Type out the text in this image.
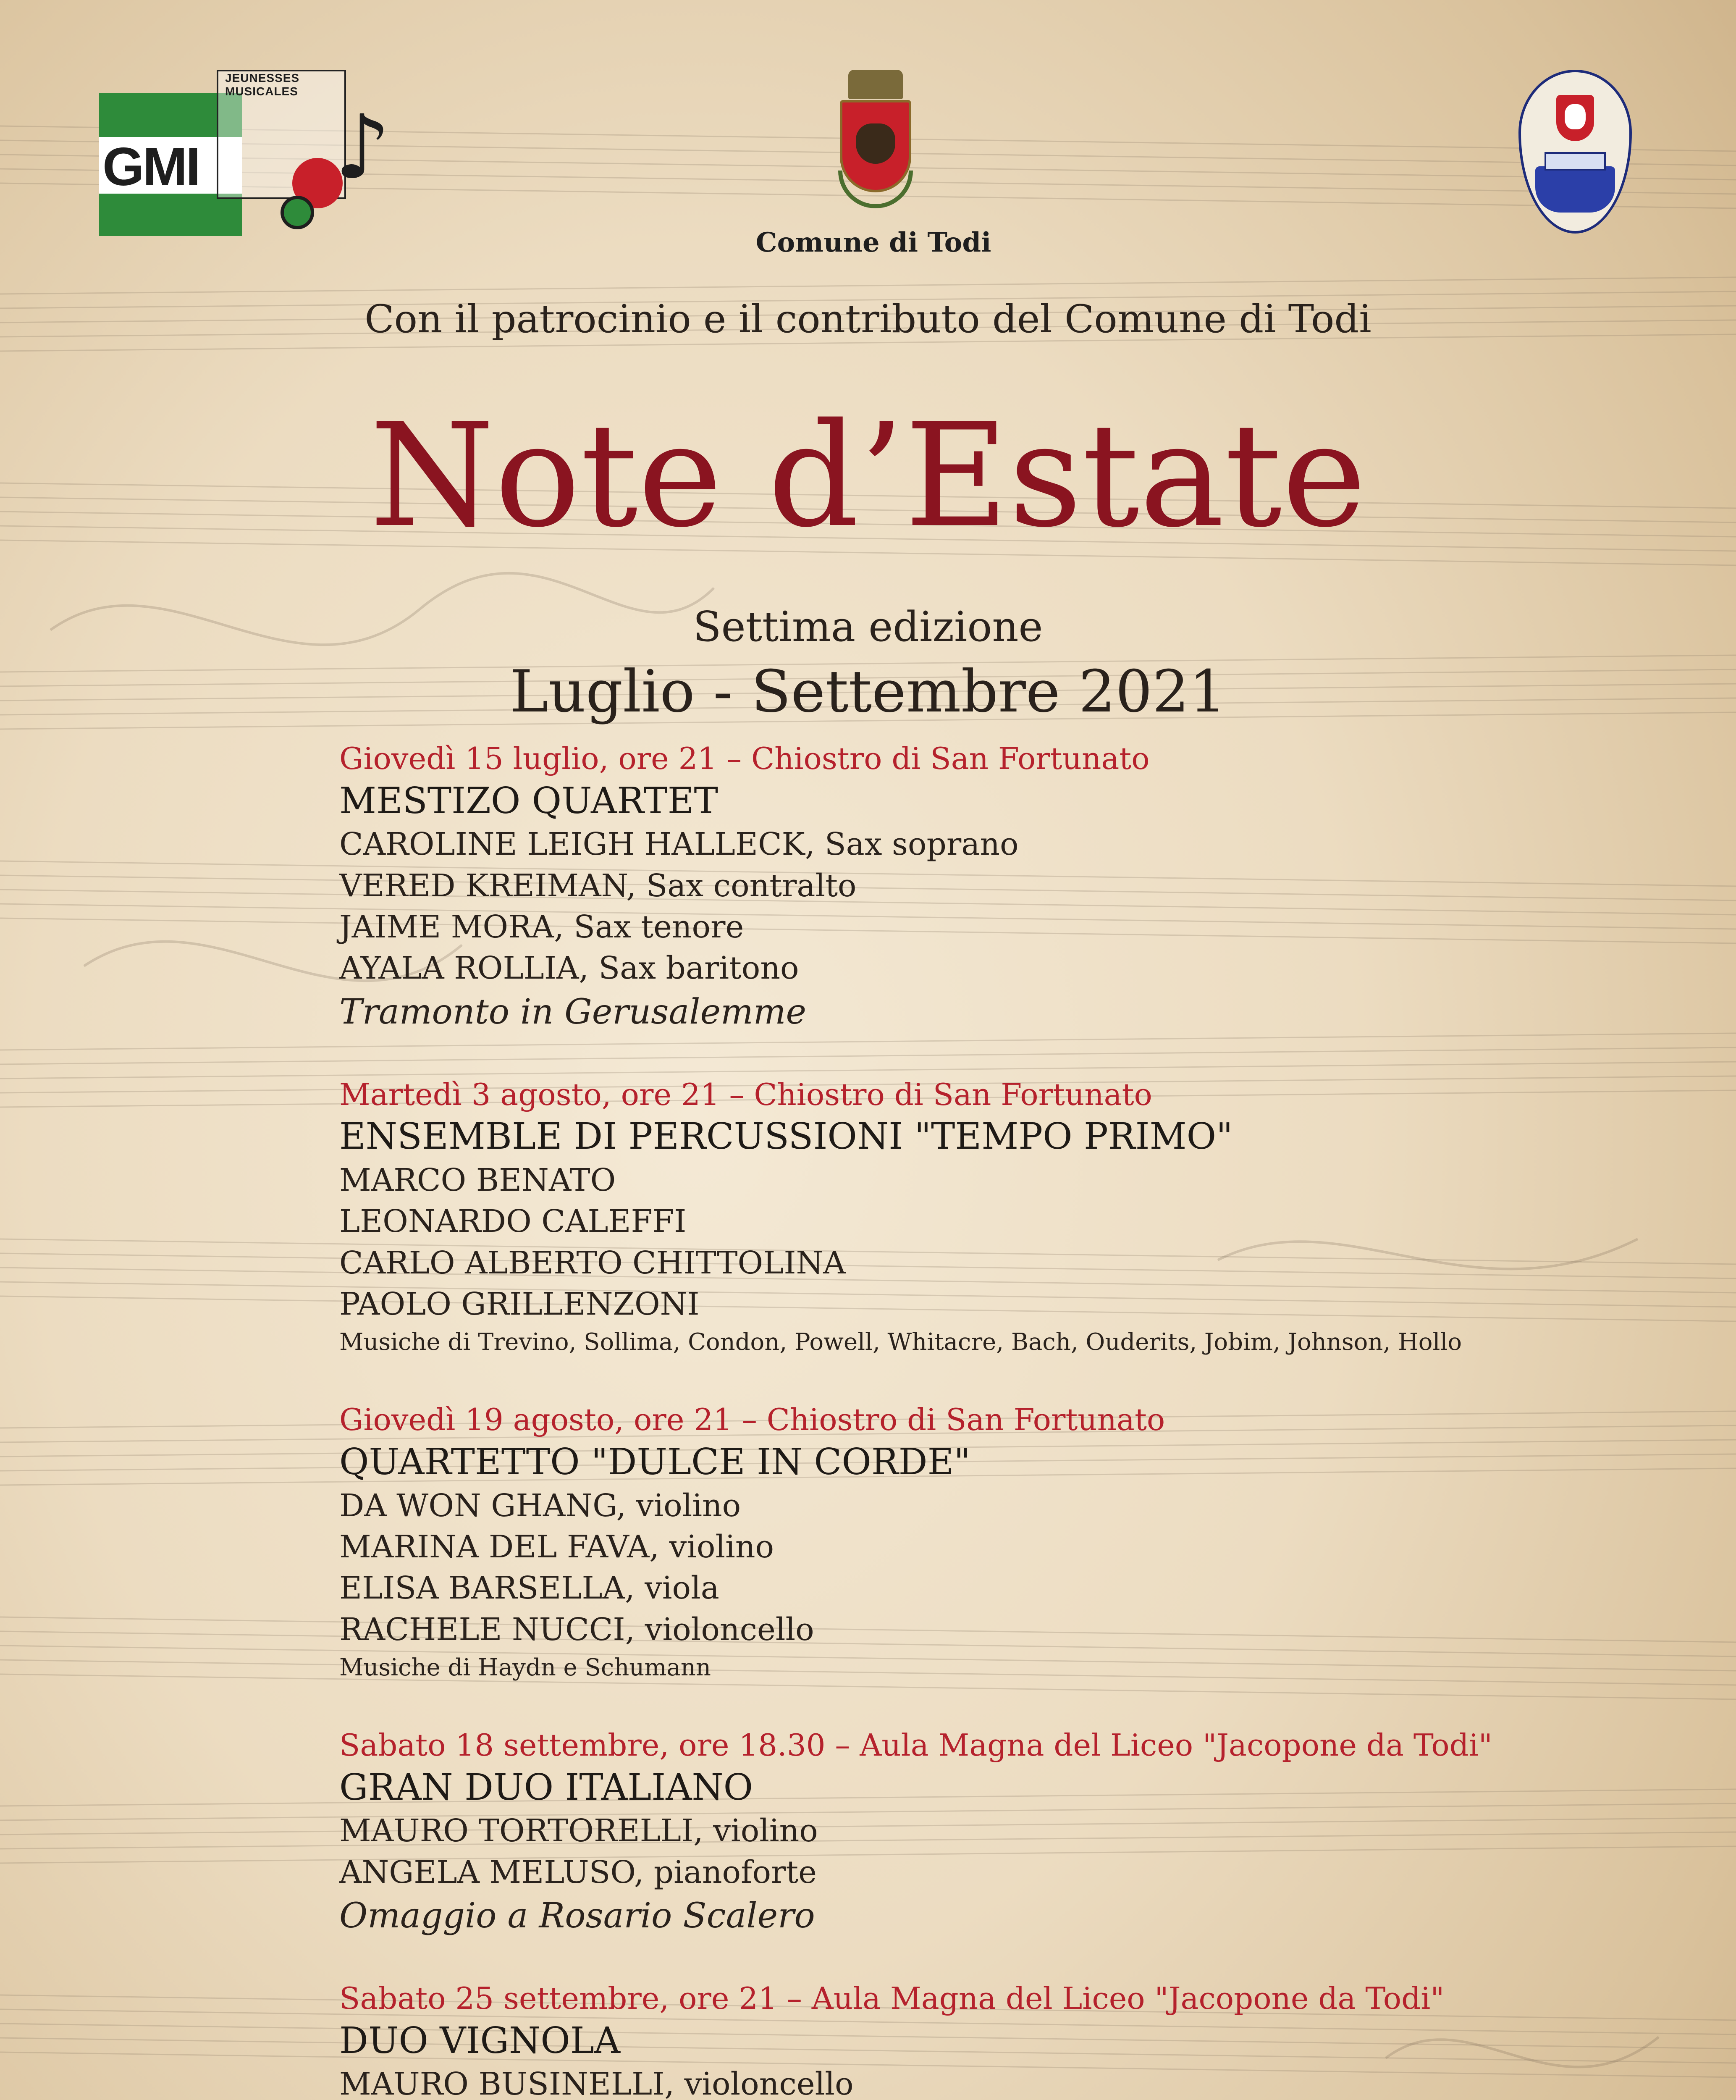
JEUNESSES MUSICALES
GMI ♪
Comune di Todi
Con il patrocinio e il contributo del Comune di Todi
Note d’Estate
Settima edizione
Luglio - Settembre 2021
Giovedì 15 luglio, ore 21 – Chiostro di San Fortunato
MESTIZO QUARTET
CAROLINE LEIGH HALLECK, Sax soprano
VERED KREIMAN, Sax contralto
JAIME MORA, Sax tenore
AYALA ROLLIA, Sax baritono
Tramonto in Gerusalemme
Martedì 3 agosto, ore 21 – Chiostro di San Fortunato
ENSEMBLE DI PERCUSSIONI "TEMPO PRIMO"
MARCO BENATO
LEONARDO CALEFFI
CARLO ALBERTO CHITTOLINA
PAOLO GRILLENZONI
Musiche di Trevino, Sollima, Condon, Powell, Whitacre, Bach, Ouderits, Jobim, Johnson, Hollo
Giovedì 19 agosto, ore 21 – Chiostro di San Fortunato
QUARTETTO "DULCE IN CORDE"
DA WON GHANG, violino
MARINA DEL FAVA, violino
ELISA BARSELLA, viola
RACHELE NUCCI, violoncello
Musiche di Haydn e Schumann
Sabato 18 settembre, ore 18.30 – Aula Magna del Liceo "Jacopone da Todi"
GRAN DUO ITALIANO
MAURO TORTORELLI, violino
ANGELA MELUSO, pianoforte
Omaggio a Rosario Scalero
Sabato 25 settembre, ore 21 – Aula Magna del Liceo "Jacopone da Todi"
DUO VIGNOLA
MAURO BUSINELLI, violoncello
